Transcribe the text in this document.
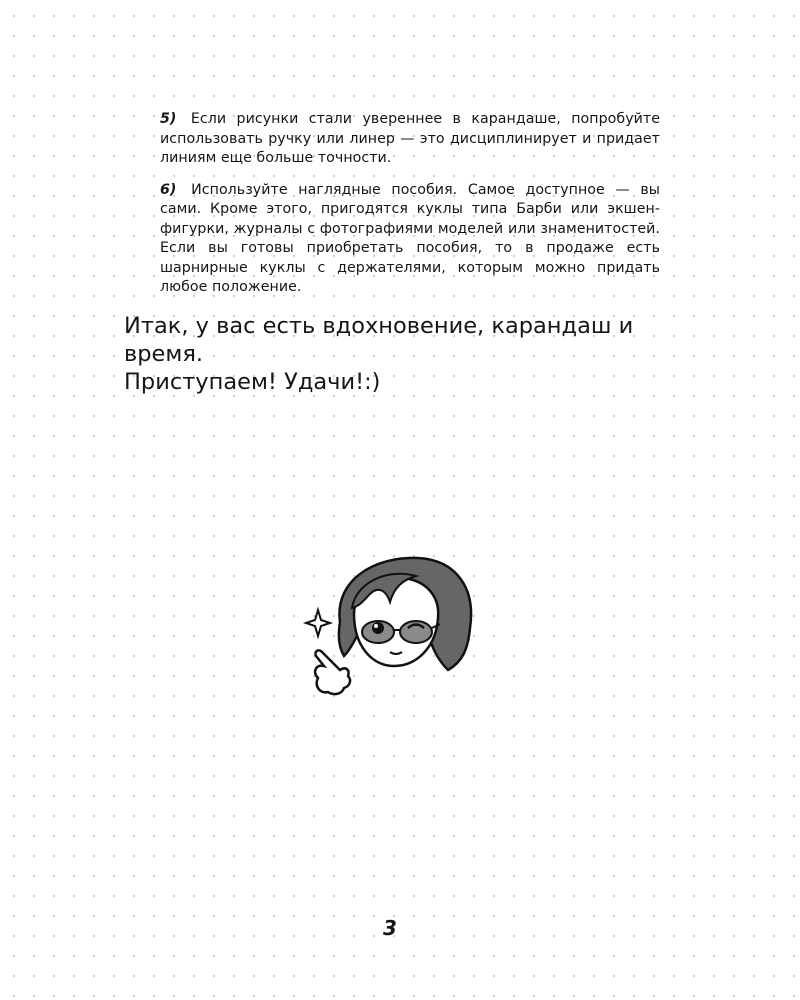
5) Если рисунки стали увереннее в карандаше, попробуйте использовать ручку или линер — это дисциплинирует и придает линиям еще больше точности.

6) Используйте наглядные пособия. Самое доступное — вы сами. Кроме этого, пригодятся куклы типа Барби или экшен-фигурки, журналы с фотографиями моделей или знаменитостей. Если вы готовы приобретать пособия, то в продаже есть шарнирные куклы с держателями, которым можно придать любое положение.

Итак, у вас есть вдохновение, карандаш и время.
Приступаем! Удачи!:)

3
